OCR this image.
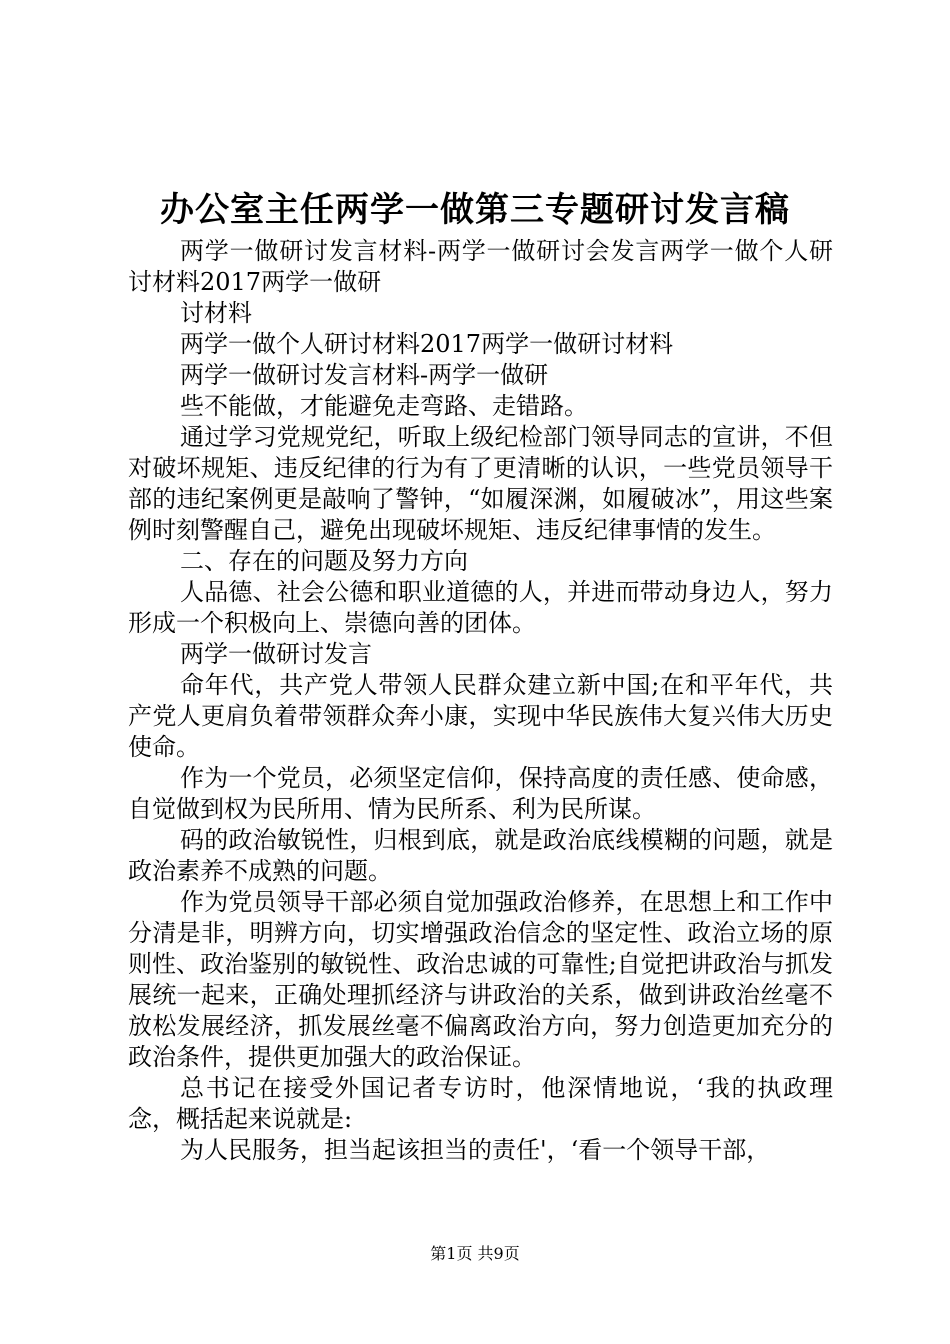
办公室主任两学一做第三专题研讨发言稿

两学一做研讨发言材料-两学一做研讨会发言两学一做个人研讨材料2017两学一做研

讨材料

两学一做个人研讨材料2017两学一做研讨材料

两学一做研讨发言材料-两学一做研

些不能做，才能避免走弯路、走错路。

通过学习党规党纪，听取上级纪检部门领导同志的宣讲，不但对破坏规矩、违反纪律的行为有了更清晰的认识，一些党员领导干部的违纪案例更是敲响了警钟，“如履深渊，如履破冰”，用这些案例时刻警醒自己，避免出现破坏规矩、违反纪律事情的发生。

二、存在的问题及努力方向

人品德、社会公德和职业道德的人，并进而带动身边人，努力形成一个积极向上、崇德向善的团体。

两学一做研讨发言

命年代，共产党人带领人民群众建立新中国;在和平年代，共产党人更肩负着带领群众奔小康，实现中华民族伟大复兴伟大历史使命。

作为一个党员，必须坚定信仰，保持高度的责任感、使命感，自觉做到权为民所用、情为民所系、利为民所谋。

码的政治敏锐性，归根到底，就是政治底线模糊的问题，就是政治素养不成熟的问题。

作为党员领导干部必须自觉加强政治修养，在思想上和工作中分清是非，明辨方向，切实增强政治信念的坚定性、政治立场的原则性、政治鉴别的敏锐性、政治忠诚的可靠性;自觉把讲政治与抓发展统一起来，正确处理抓经济与讲政治的关系，做到讲政治丝毫不放松发展经济，抓发展丝毫不偏离政治方向，努力创造更加充分的政治条件，提供更加强大的政治保证。

总书记在接受外国记者专访时，他深情地说，‘我的执政理念，概括起来说就是:

为人民服务，担当起该担当的责任'，‘看一个领导干部，

第1页 共9页
